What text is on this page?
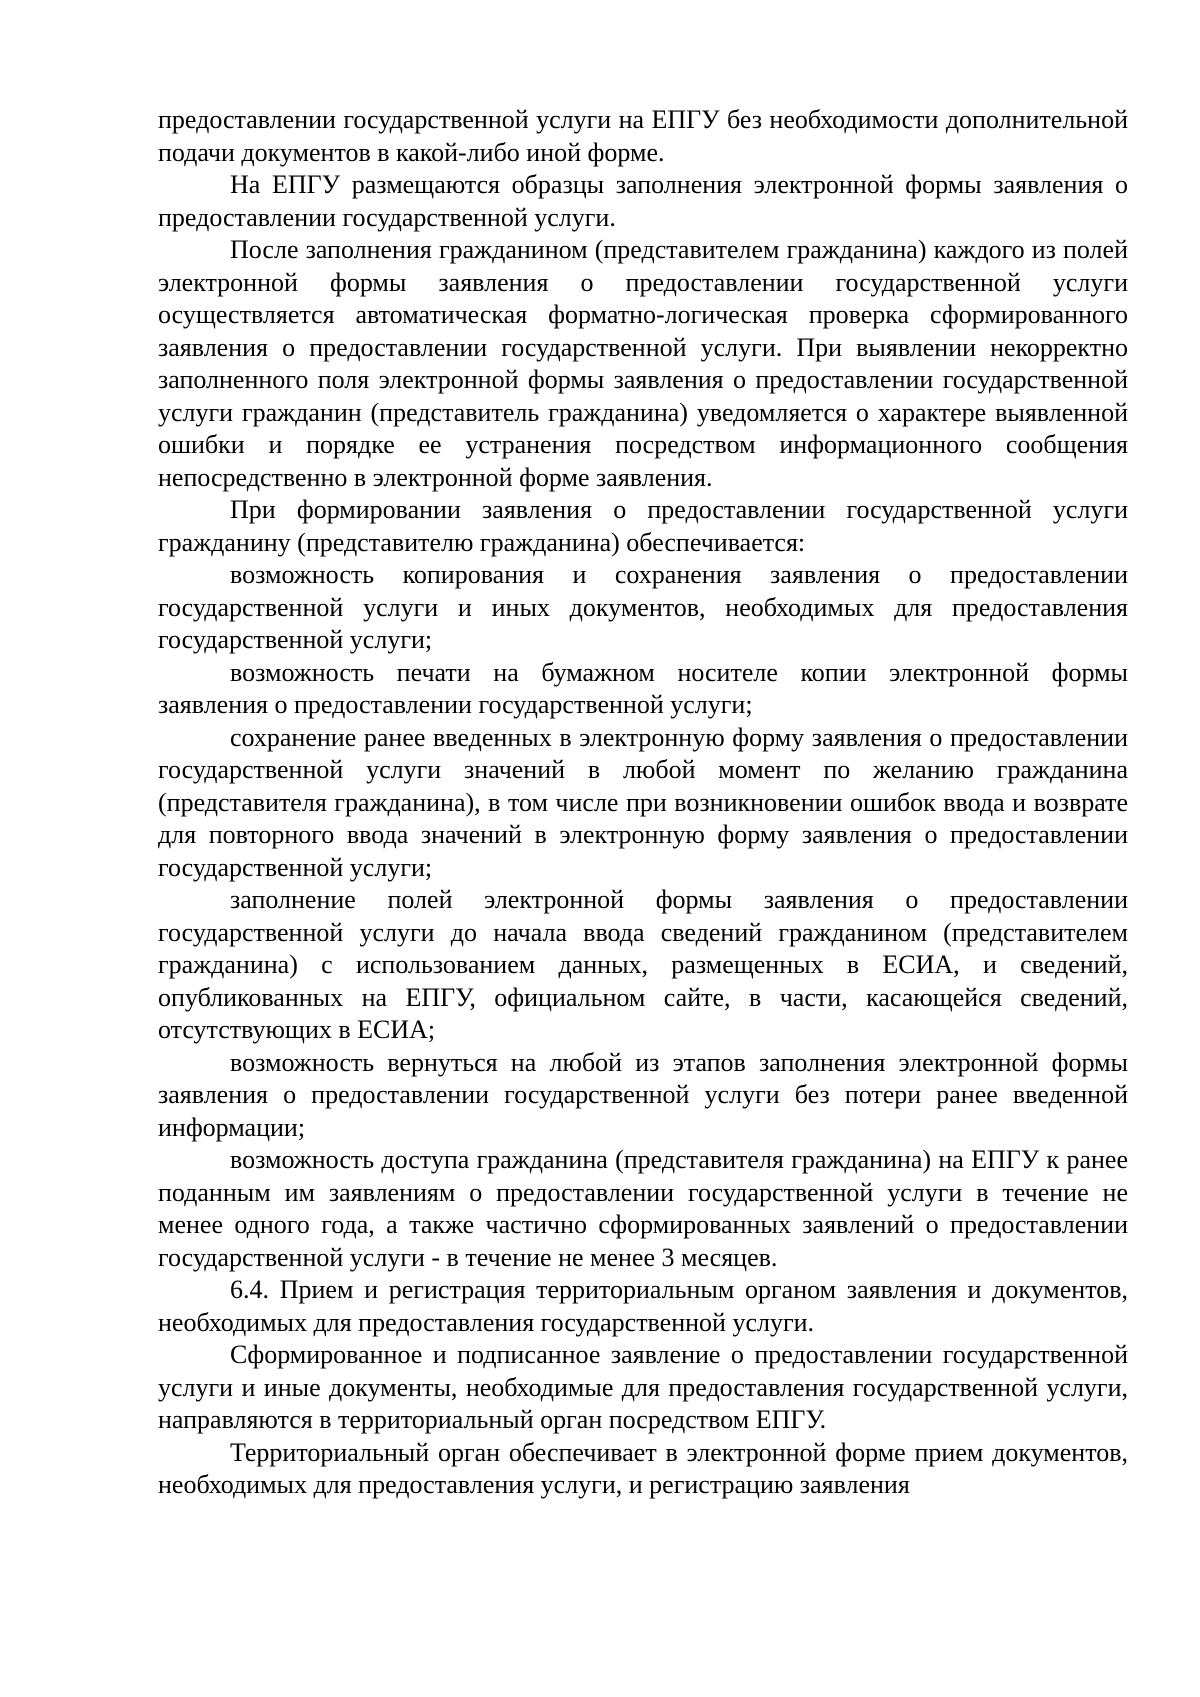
предоставлении государственной услуги на ЕПГУ без необходимости дополнительной подачи документов в какой-либо иной форме.

На ЕПГУ размещаются образцы заполнения электронной формы заявления о предоставлении государственной услуги.

После заполнения гражданином (представителем гражданина) каждого из полей электронной формы заявления о предоставлении государственной услуги осуществляется автоматическая форматно-логическая проверка сформированного заявления о предоставлении государственной услуги. При выявлении некорректно заполненного поля электронной формы заявления о предоставлении государственной услуги гражданин (представитель гражданина) уведомляется о характере выявленной ошибки и порядке ее устранения посредством информационного сообщения непосредственно в электронной форме заявления.

При формировании заявления о предоставлении государственной услуги гражданину (представителю гражданина) обеспечивается:

возможность копирования и сохранения заявления о предоставлении государственной услуги и иных документов, необходимых для предоставления государственной услуги;

возможность печати на бумажном носителе копии электронной формы заявления о предоставлении государственной услуги;

сохранение ранее введенных в электронную форму заявления о предоставлении государственной услуги значений в любой момент по желанию гражданина (представителя гражданина), в том числе при возникновении ошибок ввода и возврате для повторного ввода значений в электронную форму заявления о предоставлении государственной услуги;

заполнение полей электронной формы заявления о предоставлении государственной услуги до начала ввода сведений гражданином (представителем гражданина) с использованием данных, размещенных в ЕСИА, и сведений, опубликованных на ЕПГУ, официальном сайте, в части, касающейся сведений, отсутствующих в ЕСИА;

возможность вернуться на любой из этапов заполнения электронной формы заявления о предоставлении государственной услуги без потери ранее введенной информации;

возможность доступа гражданина (представителя гражданина) на ЕПГУ к ранее поданным им заявлениям о предоставлении государственной услуги в течение не менее одного года, а также частично сформированных заявлений о предоставлении государственной услуги - в течение не менее 3 месяцев.

6.4. Прием и регистрация территориальным органом заявления и документов, необходимых для предоставления государственной услуги.

Сформированное и подписанное заявление о предоставлении государственной услуги и иные документы, необходимые для предоставления государственной услуги, направляются в территориальный орган посредством ЕПГУ.

Территориальный орган обеспечивает в электронной форме прием документов, необходимых для предоставления услуги, и регистрацию заявления
